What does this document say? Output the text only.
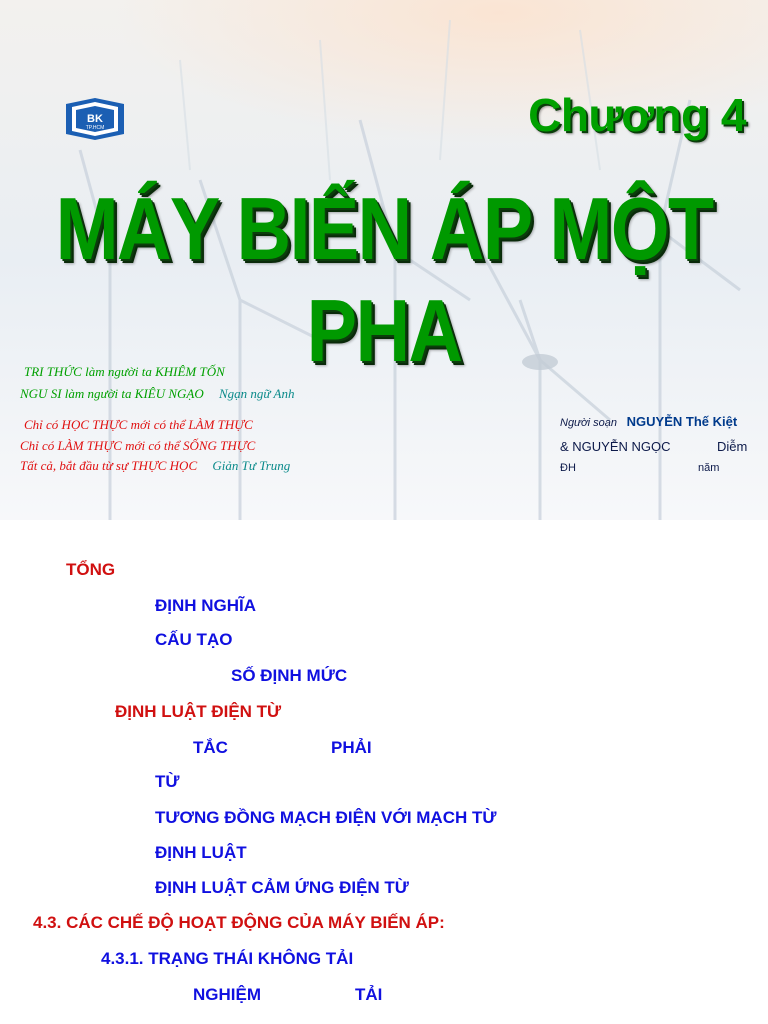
BK
TP.HCM	Chương 4
MÁY BIẾN ÁP MỘT PHA
TRI THỨC làm người ta KHIÊM TỐN
NGU SI làm người ta KIÊU NGẠO Ngạn ngữ Anh
Chỉ có HỌC THỰC mới có thể LÀM THỰC
Chỉ có LÀM THỰC mới có thể SỐNG THỰC
Tất cả, bắt đầu từ sự THỰC HỌC Giản Tư Trung
Người soạn NGUYỄN Thế Kiệt
& NGUYỄN NGỌC	Diễm
ĐH	năm
TỔNG
ĐỊNH NGHĨA
CẤU TẠO
SỐ ĐỊNH MỨC
ĐỊNH LUẬT ĐIỆN TỪ
TẮC	PHẢI
TỪ
TƯƠNG ĐỒNG MẠCH ĐIỆN VỚI MẠCH TỪ
ĐỊNH LUẬT
ĐỊNH LUẬT CẢM ỨNG ĐIỆN TỪ
4.3. CÁC CHẾ ĐỘ HOẠT ĐỘNG CỦA MÁY BIẾN ÁP:
4.3.1. TRẠNG THÁI KHÔNG TẢI
NGHIỆM	TẢI
